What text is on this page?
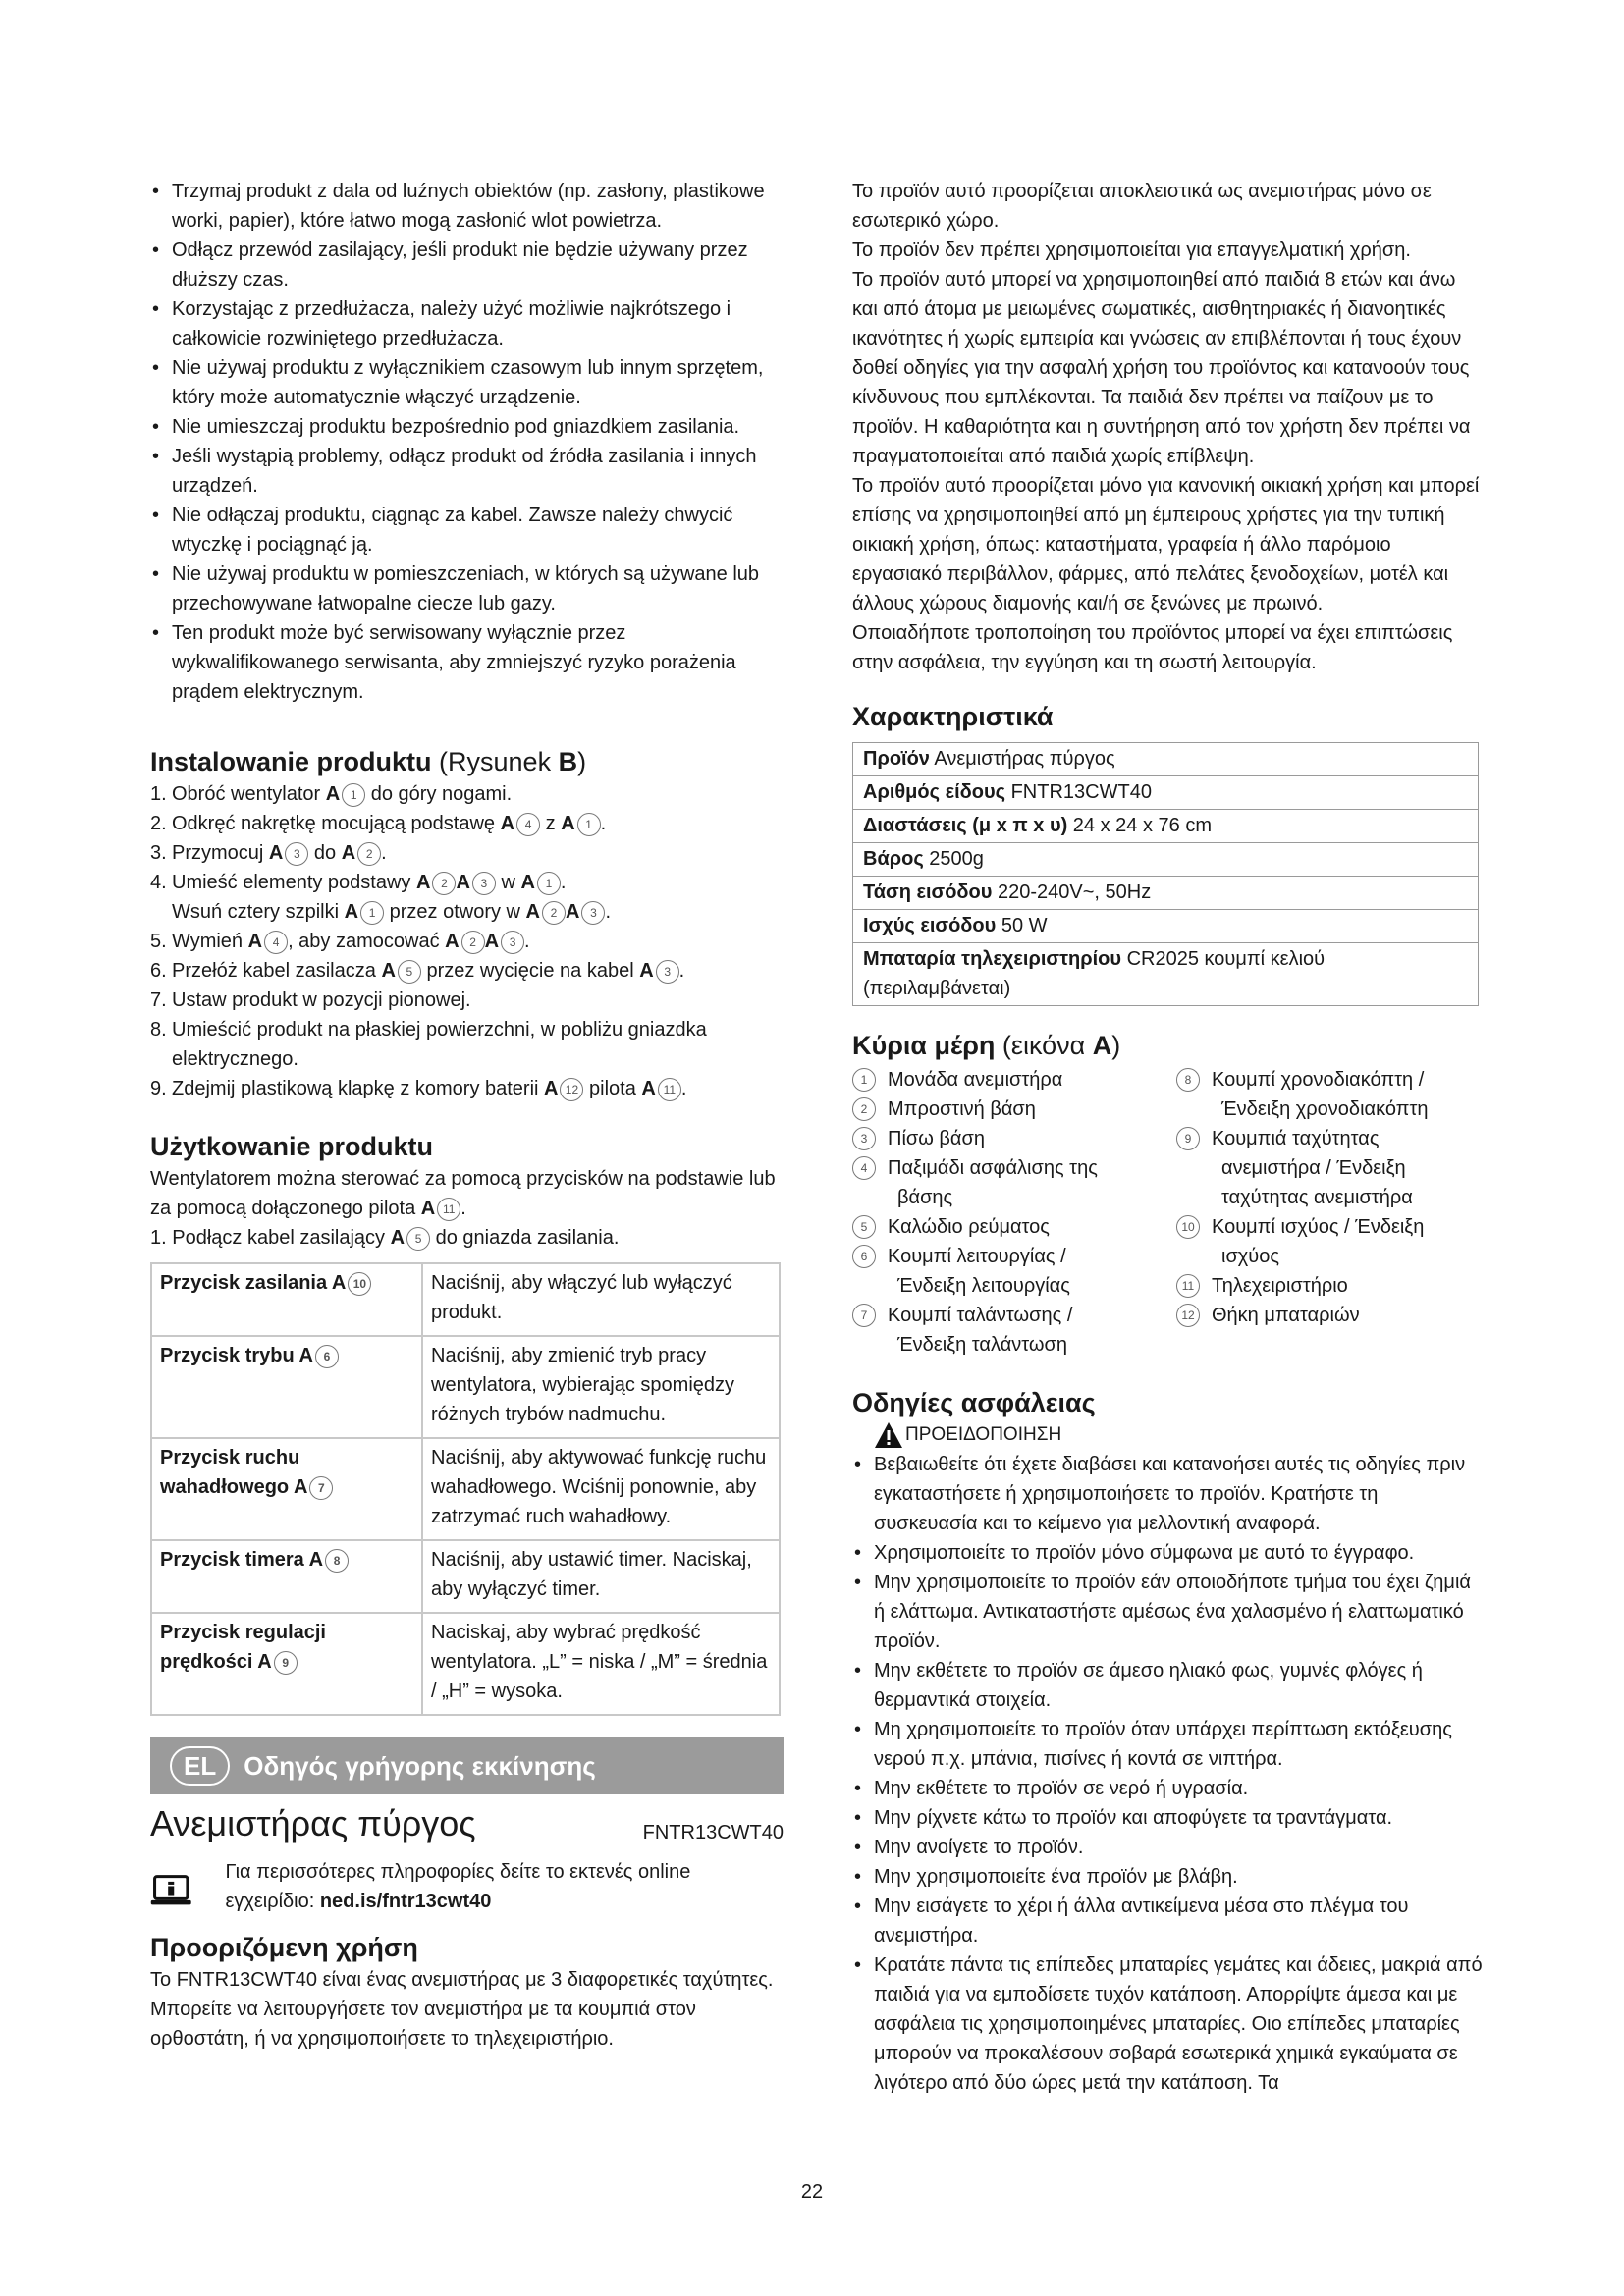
• Trzymaj produkt z dala od luźnych obiektów (np. zasłony, plastikowe worki, papier), które łatwo mogą zasłonić wlot powietrza.
• Odłącz przewód zasilający, jeśli produkt nie będzie używany przez dłuższy czas.
• Korzystając z przedłużacza, należy użyć możliwie najkrótszego i całkowicie rozwiniętego przedłużacza.
• Nie używaj produktu z wyłącznikiem czasowym lub innym sprzętem, który może automatycznie włączyć urządzenie.
• Nie umieszczaj produktu bezpośrednio pod gniazdkiem zasilania.
• Jeśli wystąpią problemy, odłącz produkt od źródła zasilania i innych urządzeń.
• Nie odłączaj produktu, ciągnąc za kabel. Zawsze należy chwycić wtyczkę i pociągnąć ją.
• Nie używaj produktu w pomieszczeniach, w których są używane lub przechowywane łatwopalne ciecze lub gazy.
• Ten produkt może być serwisowany wyłącznie przez wykwalifikowanego serwisanta, aby zmniejszyć ryzyko porażenia prądem elektrycznym.
Instalowanie produktu (Rysunek B)
1. Obróć wentylator A 1 do góry nogami.
2. Odkręć nakrętkę mocującą podstawę A 4 z A 1 .
3. Przymocuj A 3 do A 2 .
4. Umieść elementy podstawy A 2 A 3 w A 1 .
Wsuń cztery szpilki A 1 przez otwory w A 2 A 3 .
5. Wymień A 4 , aby zamocować A 2 A 3 .
6. Przełóż kabel zasilacza A 5 przez wycięcie na kabel A 3 .
7. Ustaw produkt w pozycji pionowej.
8. Umieścić produkt na płaskiej powierzchni, w pobliżu gniazdka elektrycznego.
9. Zdejmij plastikową klapkę z komory baterii A 12 pilota A 11 .
Użytkowanie produktu

Wentylatorem można sterować za pomocą przycisków na podstawie lub za pomocą dołączonego pilota A 11 .

1. Podłącz kabel zasilający A 5 do gniazda zasilania.

Przycisk zasilania A 10	Naciśnij, aby włączyć lub wyłączyć produkt.
Przycisk trybu A 6	Naciśnij, aby zmienić tryb pracy wentylatora, wybierając spomiędzy różnych trybów nadmuchu.
Przycisk ruchu wahadłowego A 7	Naciśnij, aby aktywować funkcję ruchu wahadłowego. Wciśnij ponownie, aby zatrzymać ruch wahadłowy.
Przycisk timera A 8	Naciśnij, aby ustawić timer. Naciskaj, aby wyłączyć timer.
Przycisk regulacji prędkości A 9	Naciskaj, aby wybrać prędkość wentylatora. „L” = niska / „M” = średnia / „H” = wysoka.
EL	Οδηγός γρήγορης εκκίνησης
Ανεμιστήρας πύργος	FNTR13CWT40

Για περισσότερες πληροφορίες δείτε το εκτενές online εγχειρίδιο: ned.is/fntr13cwt40

Προοριζόμενη χρήση

Το FNTR13CWT40 είναι ένας ανεμιστήρας με 3 διαφορετικές ταχύτητες.

Μπορείτε να λειτουργήσετε τον ανεμιστήρα με τα κουμπιά στον ορθοστάτη, ή να χρησιμοποιήσετε το τηλεχειριστήριο.

Το προϊόν αυτό προορίζεται αποκλειστικά ως ανεμιστήρας μόνο σε εσωτερικό χώρο.

Το προϊόν δεν πρέπει χρησιμοποιείται για επαγγελματική χρήση.

Το προϊόν αυτό μπορεί να χρησιμοποιηθεί από παιδιά 8 ετών και άνω και από άτομα με μειωμένες σωματικές, αισθητηριακές ή διανοητικές ικανότητες ή χωρίς εμπειρία και γνώσεις αν επιβλέπονται ή τους έχουν δοθεί οδηγίες για την ασφαλή χρήση του προϊόντος και κατανοούν τους κίνδυνους που εμπλέκονται. Τα παιδιά δεν πρέπει να παίζουν με το προϊόν. Η καθαριότητα και η συντήρηση από τον χρήστη δεν πρέπει να πραγματοποιείται από παιδιά χωρίς επίβλεψη.

Το προϊόν αυτό προορίζεται μόνο για κανονική οικιακή χρήση και μπορεί επίσης να χρησιμοποιηθεί από μη έμπειρους χρήστες για την τυπική οικιακή χρήση, όπως: καταστήματα, γραφεία ή άλλο παρόμοιο εργασιακό περιβάλλον, φάρμες, από πελάτες ξενοδοχείων, μοτέλ και άλλους χώρους διαμονής και/ή σε ξενώνες με πρωινό.

Οποιαδήποτε τροποποίηση του προϊόντος μπορεί να έχει επιπτώσεις στην ασφάλεια, την εγγύηση και τη σωστή λειτουργία.

Χαρακτηριστικά
Προϊόν Ανεμιστήρας πύργος
Αριθμός είδους FNTR13CWT40
Διαστάσεις (μ x π x υ) 24 x 24 x 76 cm
Βάρος 2500g
Τάση εισόδου 220-240V~, 50Hz
Ισχύς εισόδου 50 W
Μπαταρία τηλεχειριστηρίου CR2025 κουμπί κελιού (περιλαμβάνεται)
Κύρια μέρη (εικόνα A)
1	Μονάδα ανεμιστήρα
2	Μπροστινή βάση
3	Πίσω βάση
4	Παξιμάδι ασφάλισης της
βάσης
5	Καλώδιο ρεύματος
6	Κουμπί λειτουργίας /
Ένδειξη λειτουργίας
7	Κουμπί ταλάντωσης /
Ένδειξη ταλάντωση
8	Κουμπί χρονοδιακόπτη /
Ένδειξη χρονοδιακόπτη
9	Κουμπιά ταχύτητας
ανεμιστήρα / Ένδειξη ταχύτητας ανεμιστήρα
10 Κουμπί ισχύος / Ένδειξη
ισχύος
11 Τηλεχειριστήριο
12 Θήκη μπαταριών
Οδηγίες ασφάλειας
ΠΡΟΕΙΔΟΠΟΙΗΣΗ
• Βεβαιωθείτε ότι έχετε διαβάσει και κατανοήσει αυτές τις οδηγίες πριν εγκαταστήσετε ή χρησιμοποιήσετε το προϊόν. Κρατήστε τη συσκευασία και το κείμενο για μελλοντική αναφορά.
• Χρησιμοποιείτε το προϊόν μόνο σύμφωνα με αυτό το έγγραφο.
• Μην χρησιμοποιείτε το προϊόν εάν οποιοδήποτε τμήμα του έχει ζημιά ή ελάττωμα. Αντικαταστήστε αμέσως ένα χαλασμένο ή ελαττωματικό προϊόν.
• Μην εκθέτετε το προϊόν σε άμεσο ηλιακό φως, γυμνές φλόγες ή θερμαντικά στοιχεία.
• Μη χρησιμοποιείτε το προϊόν όταν υπάρχει περίπτωση εκτόξευσης νερού π.χ. μπάνια, πισίνες ή κοντά σε νιπτήρα.
• Μην εκθέτετε το προϊόν σε νερό ή υγρασία.
• Μην ρίχνετε κάτω το προϊόν και αποφύγετε τα τραντάγματα.
• Μην ανοίγετε το προϊόν.
• Μην χρησιμοποιείτε ένα προϊόν με βλάβη.
• Μην εισάγετε το χέρι ή άλλα αντικείμενα μέσα στο πλέγμα του ανεμιστήρα.
• Κρατάτε πάντα τις επίπεδες μπαταρίες γεμάτες και άδειες, μακριά από παιδιά για να εμποδίσετε τυχόν κατάποση. Απορρίψτε άμεσα και με ασφάλεια τις χρησιμοποιημένες μπαταρίες. Οιο επίπεδες μπαταρίες μπορούν να προκαλέσουν σοβαρά εσωτερικά χημικά εγκαύματα σε λιγότερο από δύο ώρες μετά την κατάποση. Τα
22
